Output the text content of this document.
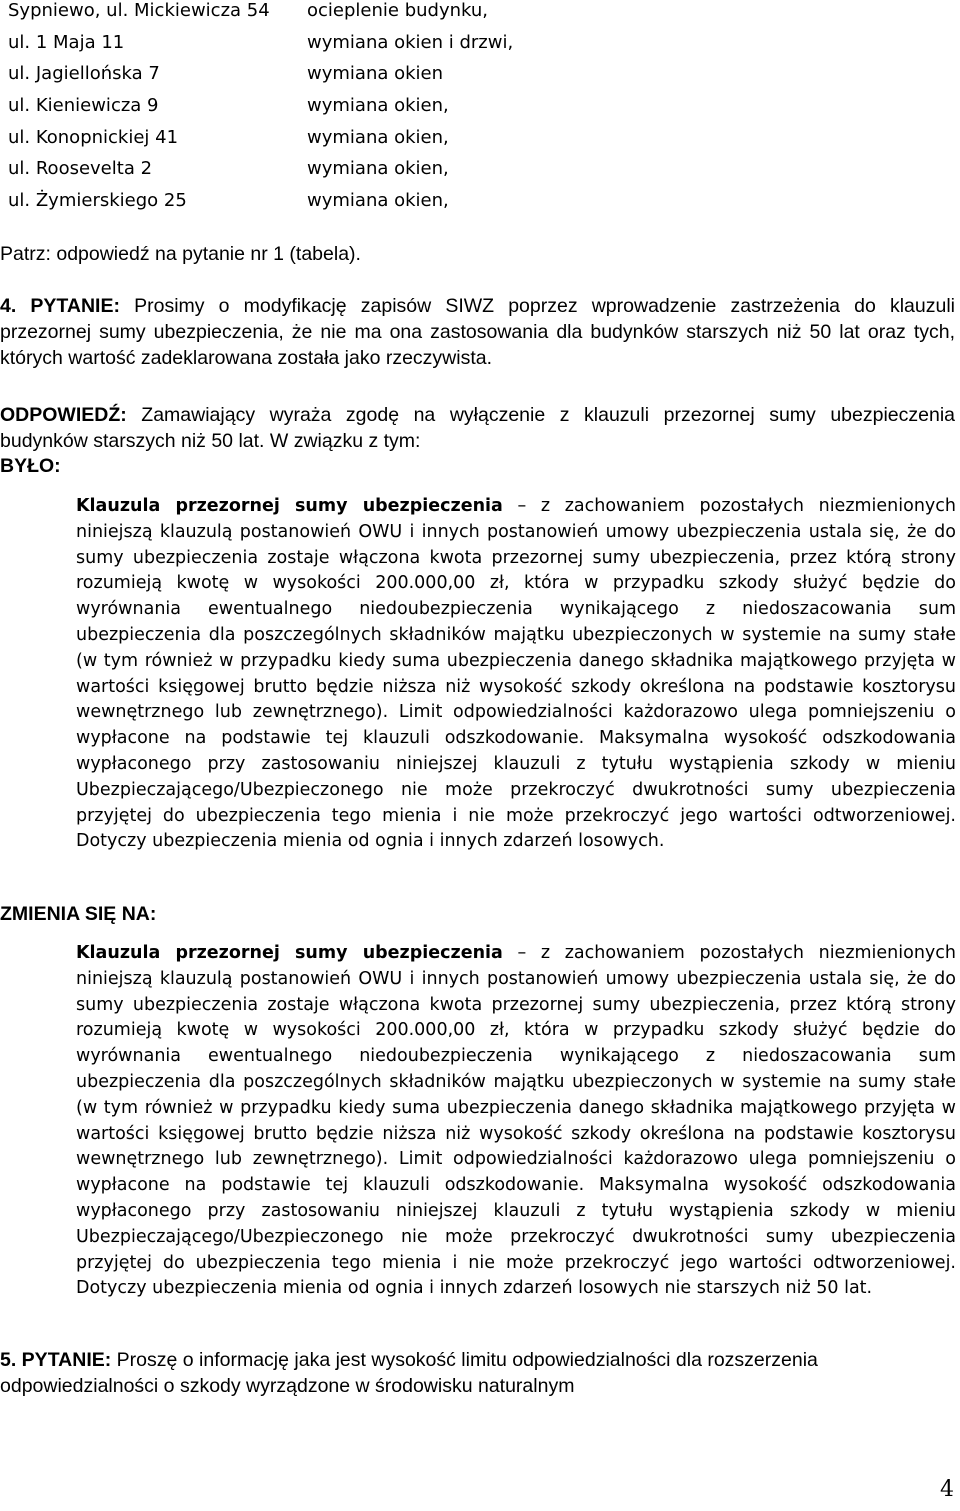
Sypniewo, ul. Mickiewicza 54	ocieplenie budynku,
ul. 1 Maja 11	wymiana okien i drzwi,
ul. Jagiellońska 7	wymiana okien
ul. Kieniewicza 9	wymiana okien,
ul. Konopnickiej 41	wymiana okien,
ul. Roosevelta 2	wymiana okien,
ul. Żymierskiego 25	wymiana okien,
Patrz: odpowiedź na pytanie nr 1 (tabela).
4. PYTANIE: Prosimy o modyfikację zapisów SIWZ poprzez wprowadzenie zastrzeżenia do klauzuli przezornej sumy ubezpieczenia, że nie ma ona zastosowania dla budynków starszych niż 50 lat oraz tych, których wartość zadeklarowana została jako rzeczywista.
ODPOWIEDŹ: Zamawiający wyraża zgodę na wyłączenie z klauzuli przezornej sumy ubezpieczenia budynków starszych niż 50 lat. W związku z tym:
BYŁO:
Klauzula przezornej sumy ubezpieczenia – z zachowaniem pozostałych niezmienionych niniejszą klauzulą postanowień OWU i innych postanowień umowy ubezpieczenia ustala się, że do sumy ubezpieczenia zostaje włączona kwota przezornej sumy ubezpieczenia, przez którą strony rozumieją kwotę w wysokości 200.000,00 zł, która w przypadku szkody służyć będzie do wyrównania ewentualnego niedoubezpieczenia wynikającego z niedoszacowania sum ubezpieczenia dla poszczególnych składników majątku ubezpieczonych w systemie na sumy stałe (w tym również w przypadku kiedy suma ubezpieczenia danego składnika majątkowego przyjęta w wartości księgowej brutto będzie niższa niż wysokość szkody określona na podstawie kosztorysu wewnętrznego lub zewnętrznego). Limit odpowiedzialności każdorazowo ulega pomniejszeniu o wypłacone na podstawie tej klauzuli odszkodowanie. Maksymalna wysokość odszkodowania wypłaconego przy zastosowaniu niniejszej klauzuli z tytułu wystąpienia szkody w mieniu Ubezpieczającego/Ubezpieczonego nie może przekroczyć dwukrotności sumy ubezpieczenia przyjętej do ubezpieczenia tego mienia i nie może przekroczyć jego wartości odtworzeniowej. Dotyczy ubezpieczenia mienia od ognia i innych zdarzeń losowych.
ZMIENIA SIĘ NA:
Klauzula przezornej sumy ubezpieczenia – z zachowaniem pozostałych niezmienionych niniejszą klauzulą postanowień OWU i innych postanowień umowy ubezpieczenia ustala się, że do sumy ubezpieczenia zostaje włączona kwota przezornej sumy ubezpieczenia, przez którą strony rozumieją kwotę w wysokości 200.000,00 zł, która w przypadku szkody służyć będzie do wyrównania ewentualnego niedoubezpieczenia wynikającego z niedoszacowania sum ubezpieczenia dla poszczególnych składników majątku ubezpieczonych w systemie na sumy stałe (w tym również w przypadku kiedy suma ubezpieczenia danego składnika majątkowego przyjęta w wartości księgowej brutto będzie niższa niż wysokość szkody określona na podstawie kosztorysu wewnętrznego lub zewnętrznego). Limit odpowiedzialności każdorazowo ulega pomniejszeniu o wypłacone na podstawie tej klauzuli odszkodowanie. Maksymalna wysokość odszkodowania wypłaconego przy zastosowaniu niniejszej klauzuli z tytułu wystąpienia szkody w mieniu Ubezpieczającego/Ubezpieczonego nie może przekroczyć dwukrotności sumy ubezpieczenia przyjętej do ubezpieczenia tego mienia i nie może przekroczyć jego wartości odtworzeniowej. Dotyczy ubezpieczenia mienia od ognia i innych zdarzeń losowych nie starszych niż 50 lat.
5. PYTANIE: Proszę o informację jaka jest wysokość limitu odpowiedzialności dla rozszerzenia odpowiedzialności o szkody wyrządzone w środowisku naturalnym
4
